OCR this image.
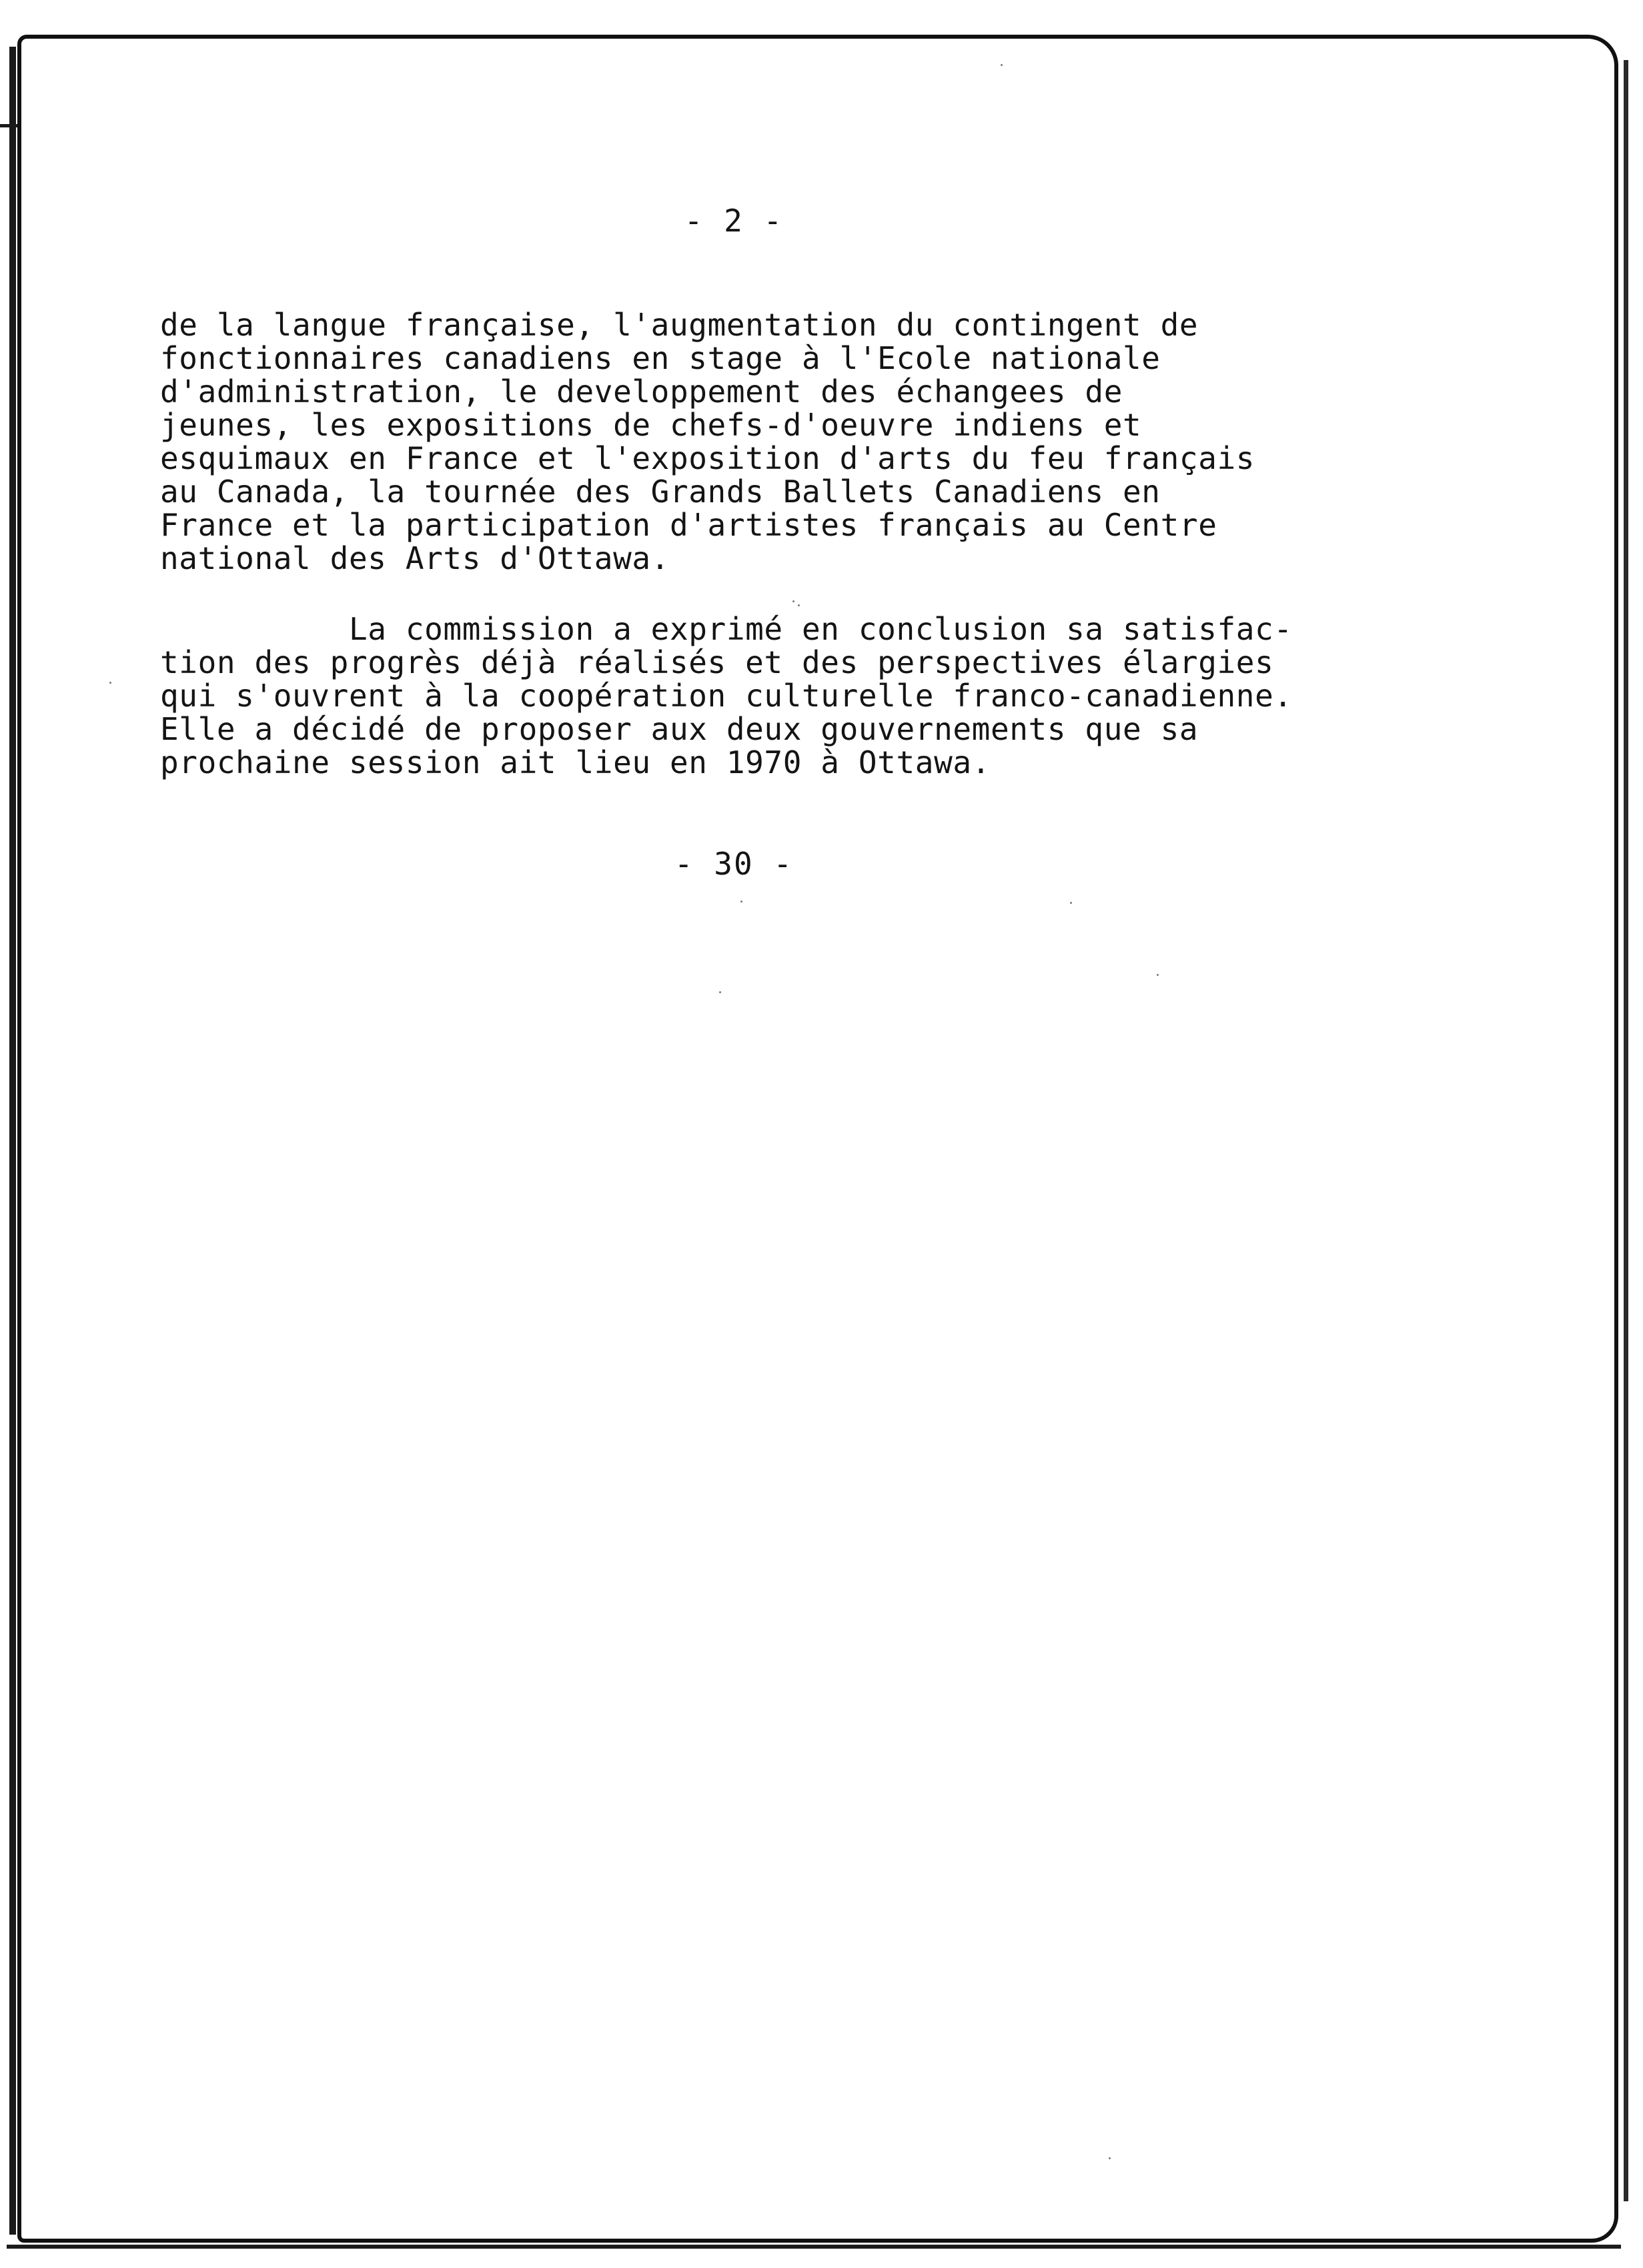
- 2 -
de la langue française, l'augmentation du contingent de
fonctionnaires canadiens en stage à l'Ecole nationale
d'administration, le developpement des échangees de
jeunes, les expositions de chefs-d'oeuvre indiens et
esquimaux en France et l'exposition d'arts du feu français
au Canada, la tournée des Grands Ballets Canadiens en
France et la participation d'artistes français au Centre
national des Arts d'Ottawa.
La commission a exprimé en conclusion sa satisfac-
tion des progrès déjà réalisés et des perspectives élargies
qui s'ouvrent à la coopération culturelle franco-canadienne.
Elle a décidé de proposer aux deux gouvernements que sa
prochaine session ait lieu en 1970 à Ottawa.
- 30 -
